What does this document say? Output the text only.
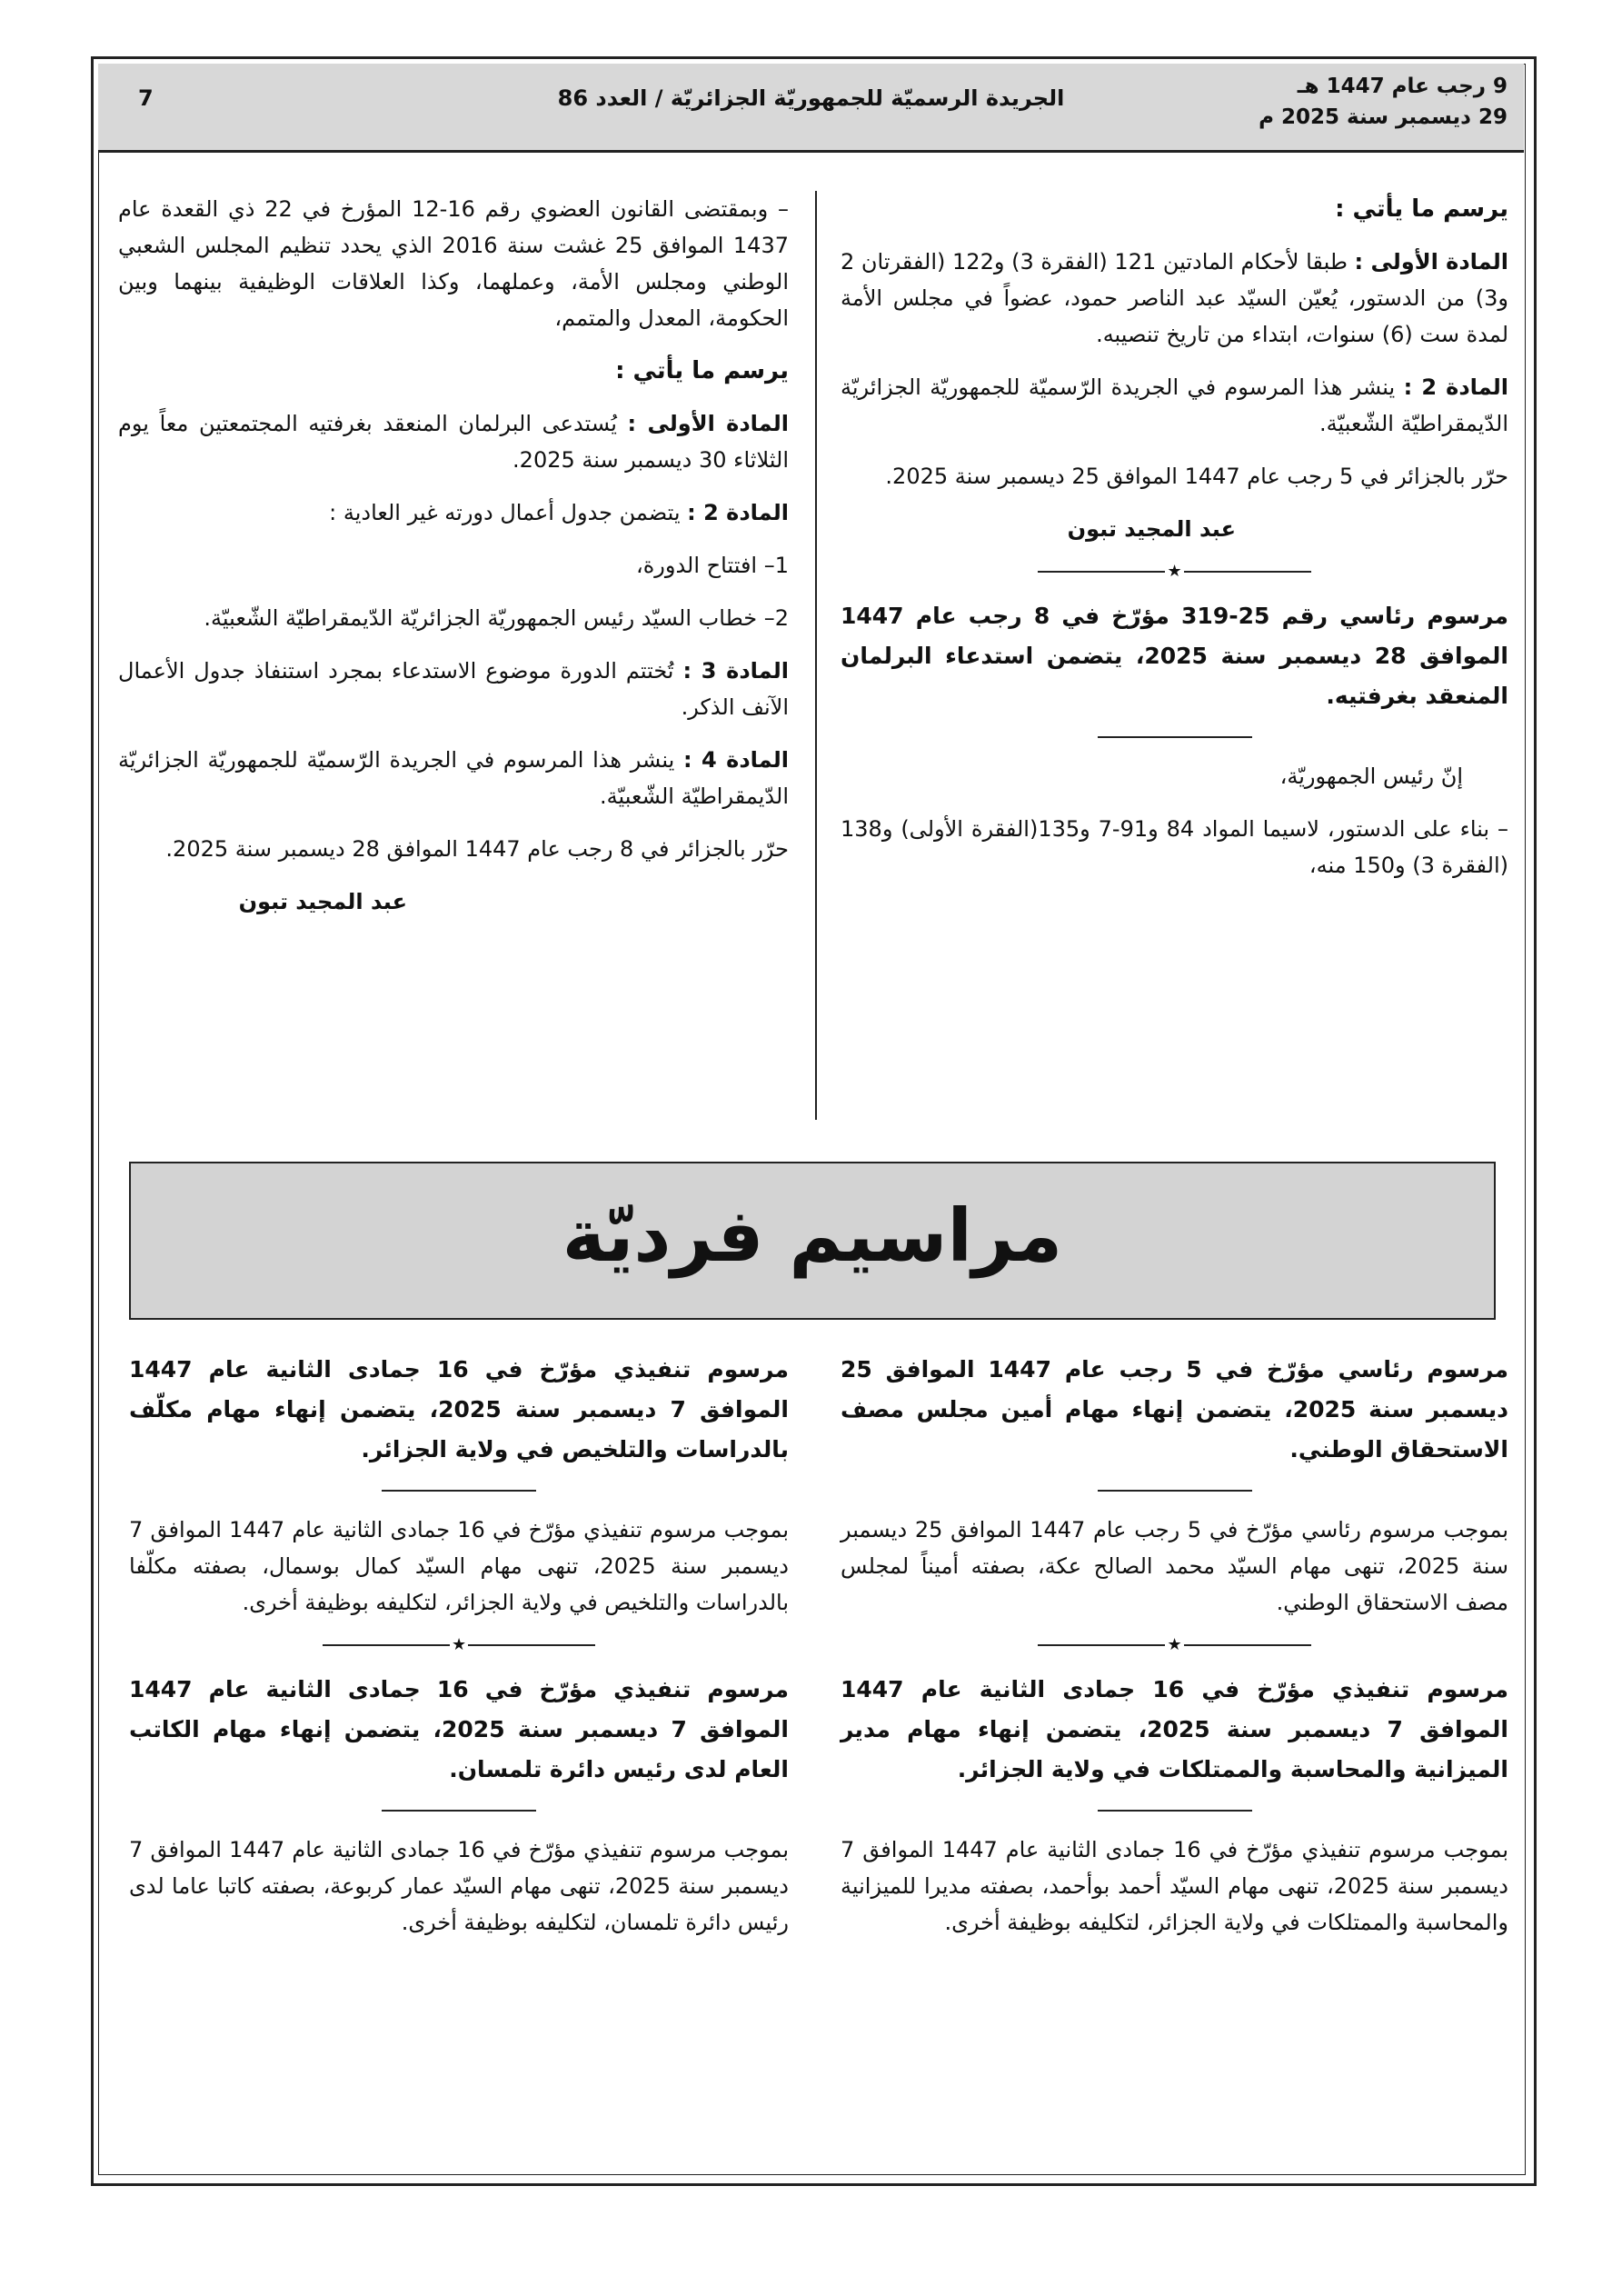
9 رجب عام 1447 هـ
29 ديسمبر سنة 2025 م
الجريدة الرسميّة للجمهوريّة الجزائريّة / العدد 86
7
يرسم ما يأتي :

المادة الأولى : طبقا لأحكام المادتين 121 (الفقرة 3) و122 (الفقرتان 2 و3) من الدستور، يُعيّن السيّد عبد الناصر حمود، عضواً في مجلس الأمة لمدة ست (6) سنوات، ابتداء من تاريخ تنصيبه.

المادة 2 : ينشر هذا المرسوم في الجريدة الرّسميّة للجمهوريّة الجزائريّة الدّيمقراطيّة الشّعبيّة.

حرّر بالجزائر في 5 رجب عام 1447 الموافق 25 ديسمبر سنة 2025.

عبد المجيد تبون
★
مرسوم رئاسي رقم 25-319 مؤرّخ في 8 رجب عام 1447 الموافق 28 ديسمبر سنة 2025، يتضمن استدعاء البرلمان المنعقد بغرفتيه.

إنّ رئيس الجمهوريّة،

– بناء على الدستور، لاسيما المواد 84 و91-7 و135(الفقرة الأولى) و138 (الفقرة 3) و150 منه،

– وبمقتضى القانون العضوي رقم 16-12 المؤرخ في 22 ذي القعدة عام 1437 الموافق 25 غشت سنة 2016 الذي يحدد تنظيم المجلس الشعبي الوطني ومجلس الأمة، وعملهما، وكذا العلاقات الوظيفية بينهما وبين الحكومة، المعدل والمتمم،

يرسم ما يأتي :

المادة الأولى : يُستدعى البرلمان المنعقد بغرفتيه المجتمعتين معاً يوم الثلاثاء 30 ديسمبر سنة 2025.

المادة 2 : يتضمن جدول أعمال دورته غير العادية :

1– افتتاح الدورة،

2– خطاب السيّد رئيس الجمهوريّة الجزائريّة الدّيمقراطيّة الشّعبيّة.

المادة 3 : تُختتم الدورة موضوع الاستدعاء بمجرد استنفاذ جدول الأعمال الآنف الذكر.

المادة 4 : ينشر هذا المرسوم في الجريدة الرّسميّة للجمهوريّة الجزائريّة الدّيمقراطيّة الشّعبيّة.

حرّر بالجزائر في 8 رجب عام 1447 الموافق 28 ديسمبر سنة 2025.

عبد المجيد تبون
مراسيم فرديّة
مرسوم رئاسي مؤرّخ في 5 رجب عام 1447 الموافق 25 ديسمبر سنة 2025، يتضمن إنهاء مهام أمين مجلس مصف الاستحقاق الوطني.

بموجب مرسوم رئاسي مؤرّخ في 5 رجب عام 1447 الموافق 25 ديسمبر سنة 2025، تنهى مهام السيّد محمد الصالح عكة، بصفته أميناً لمجلس مصف الاستحقاق الوطني.

★
مرسوم تنفيذي مؤرّخ في 16 جمادى الثانية عام 1447 الموافق 7 ديسمبر سنة 2025، يتضمن إنهاء مهام مدير الميزانية والمحاسبة والممتلكات في ولاية الجزائر.

بموجب مرسوم تنفيذي مؤرّخ في 16 جمادى الثانية عام 1447 الموافق 7 ديسمبر سنة 2025، تنهى مهام السيّد أحمد بوأحمد، بصفته مديرا للميزانية والمحاسبة والممتلكات في ولاية الجزائر، لتكليفه بوظيفة أخرى.

مرسوم تنفيذي مؤرّخ في 16 جمادى الثانية عام 1447 الموافق 7 ديسمبر سنة 2025، يتضمن إنهاء مهام مكلّف بالدراسات والتلخيص في ولاية الجزائر.

بموجب مرسوم تنفيذي مؤرّخ في 16 جمادى الثانية عام 1447 الموافق 7 ديسمبر سنة 2025، تنهى مهام السيّد كمال بوسمال، بصفته مكلّفا بالدراسات والتلخيص في ولاية الجزائر، لتكليفه بوظيفة أخرى.

★
مرسوم تنفيذي مؤرّخ في 16 جمادى الثانية عام 1447 الموافق 7 ديسمبر سنة 2025، يتضمن إنهاء مهام الكاتب العام لدى رئيس دائرة تلمسان.

بموجب مرسوم تنفيذي مؤرّخ في 16 جمادى الثانية عام 1447 الموافق 7 ديسمبر سنة 2025، تنهى مهام السيّد عمار كربوعة، بصفته كاتبا عاما لدى رئيس دائرة تلمسان، لتكليفه بوظيفة أخرى.
